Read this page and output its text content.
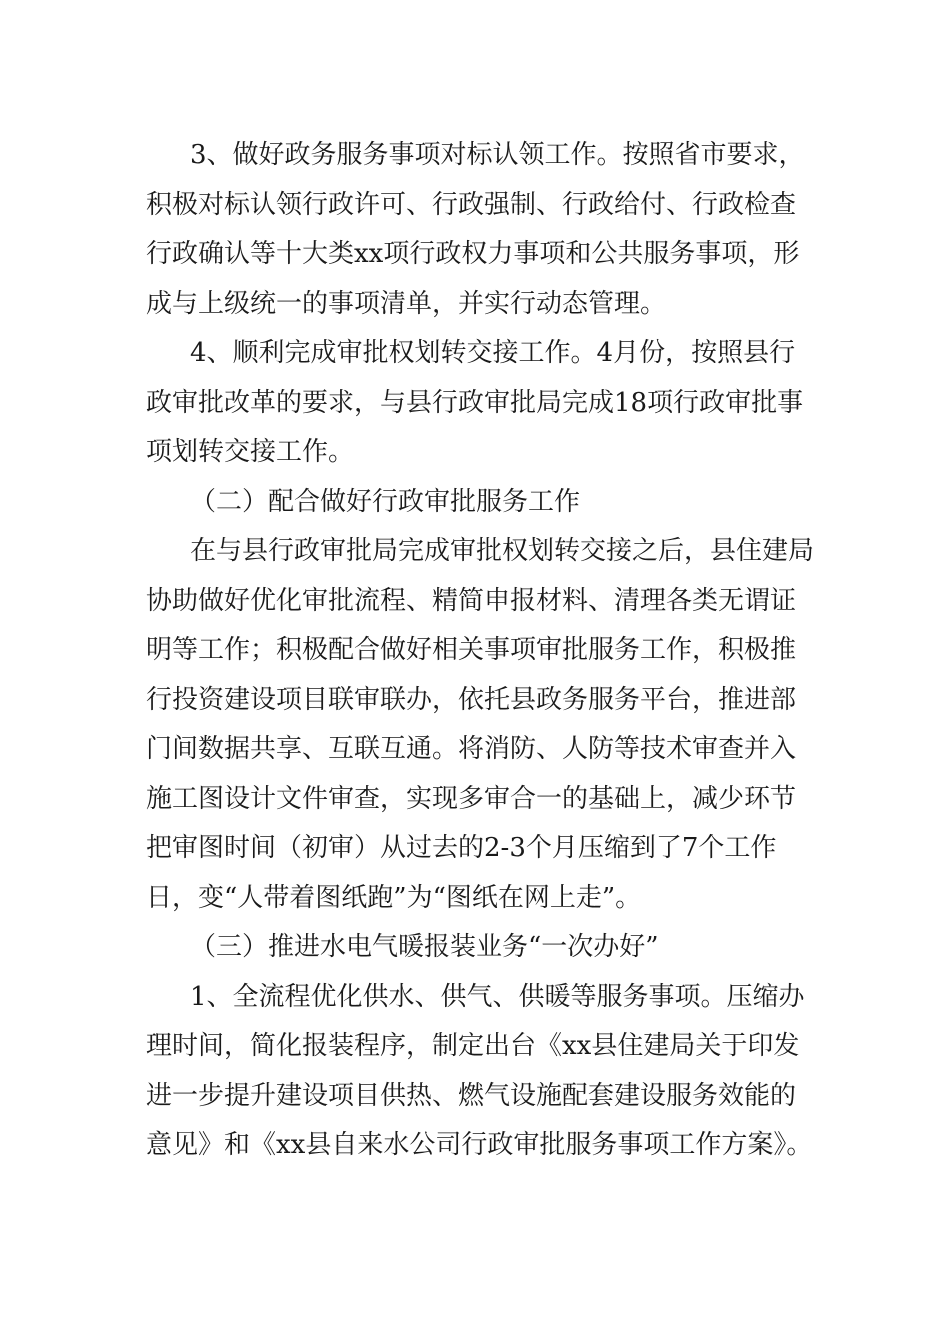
3、做好政务服务事项对标认领工作。按照省市要求，
积极对标认领行政许可、行政强制、行政给付、行政检查
行政确认等十大类xx项行政权力事项和公共服务事项，形
成与上级统一的事项清单，并实行动态管理。
4、顺利完成审批权划转交接工作。4月份，按照县行
政审批改革的要求，与县行政审批局完成18项行政审批事
项划转交接工作。
（二）配合做好行政审批服务工作
在与县行政审批局完成审批权划转交接之后，县住建局
协助做好优化审批流程、精简申报材料、清理各类无谓证
明等工作；积极配合做好相关事项审批服务工作，积极推
行投资建设项目联审联办，依托县政务服务平台，推进部
门间数据共享、互联互通。将消防、人防等技术审查并入
施工图设计文件审查，实现多审合一的基础上，减少环节
把审图时间（初审）从过去的2-3个月压缩到了7个工作
日，变“人带着图纸跑”为“图纸在网上走”。
（三）推进水电气暖报装业务“一次办好”
1、全流程优化供水、供气、供暖等服务事项。压缩办
理时间，简化报装程序，制定出台《xx县住建局关于印发
进一步提升建设项目供热、燃气设施配套建设服务效能的
意见》和《xx县自来水公司行政审批服务事项工作方案》。
